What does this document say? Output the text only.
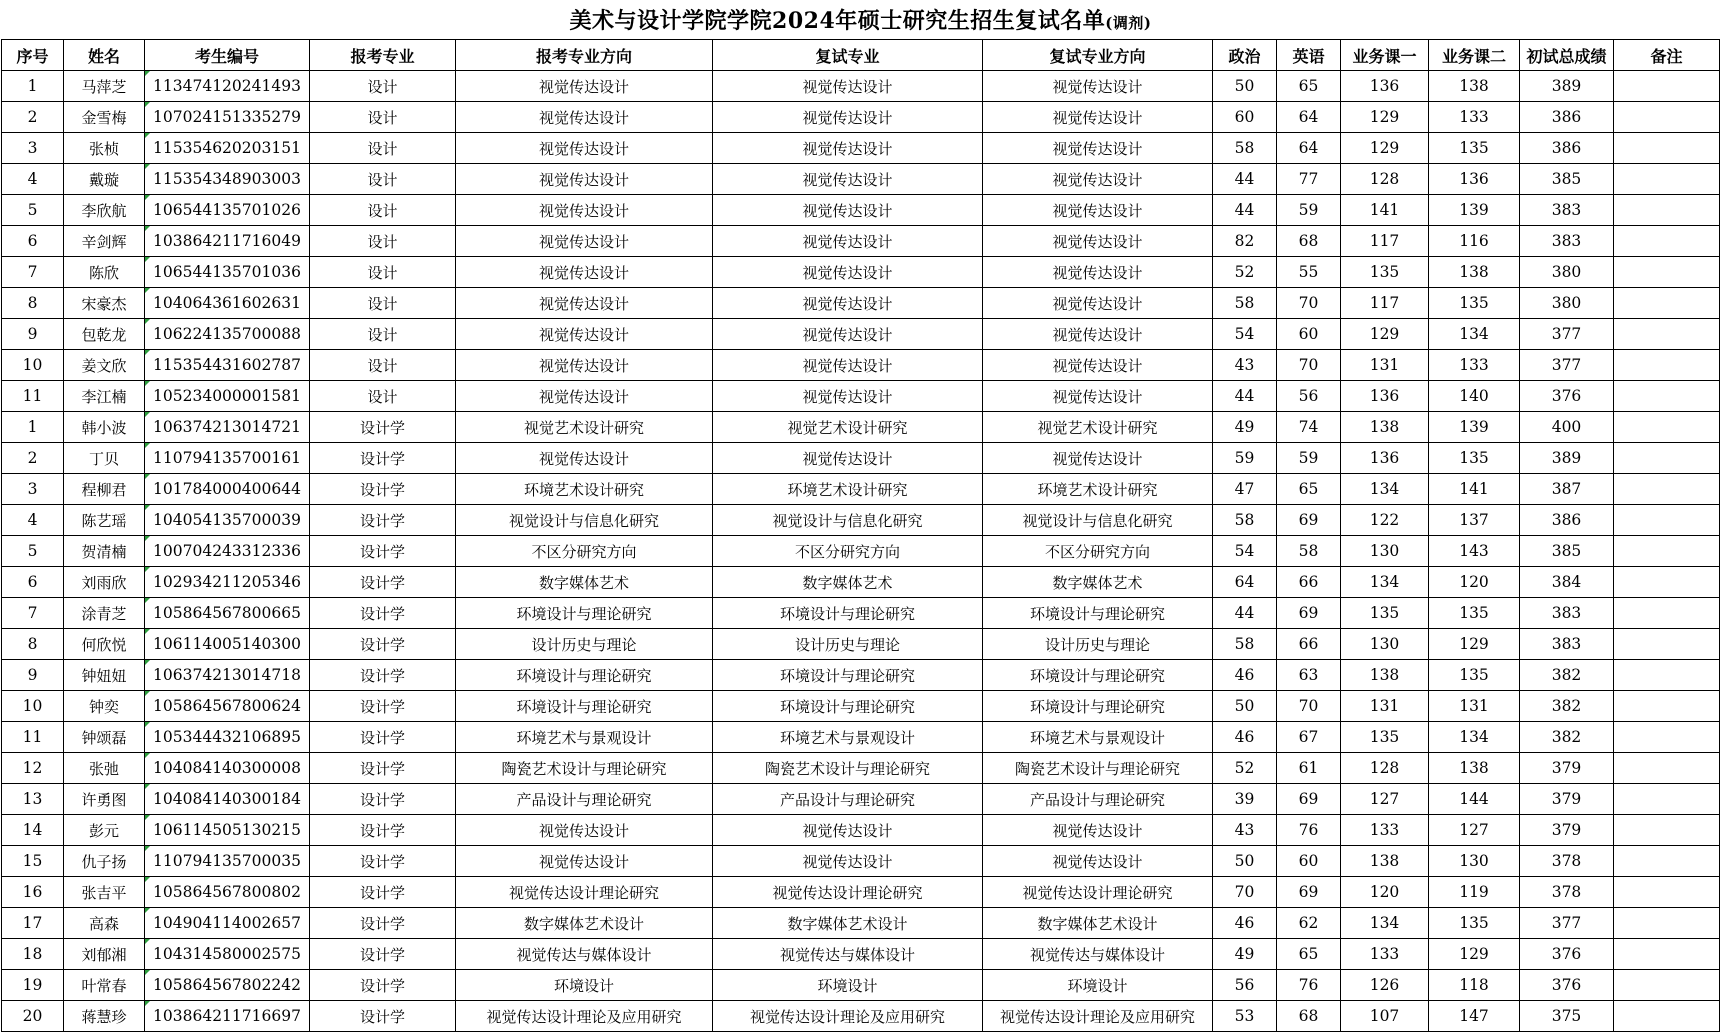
美术与设计学院学院2024年硕士研究生招生复试名单(调剂)
序号	姓名	考生编号	报考专业	报考专业方向	复试专业	复试专业方向	政治	英语	业务课一	业务课二	初试总成绩	备注
1	马萍芝	113474120241493	设计	视觉传达设计	视觉传达设计	视觉传达设计	50	65	136	138	389	
2	金雪梅	107024151335279	设计	视觉传达设计	视觉传达设计	视觉传达设计	60	64	129	133	386	
3	张桢	115354620203151	设计	视觉传达设计	视觉传达设计	视觉传达设计	58	64	129	135	386	
4	戴璇	115354348903003	设计	视觉传达设计	视觉传达设计	视觉传达设计	44	77	128	136	385	
5	李欣航	106544135701026	设计	视觉传达设计	视觉传达设计	视觉传达设计	44	59	141	139	383	
6	辛剑辉	103864211716049	设计	视觉传达设计	视觉传达设计	视觉传达设计	82	68	117	116	383	
7	陈欣	106544135701036	设计	视觉传达设计	视觉传达设计	视觉传达设计	52	55	135	138	380	
8	宋豪杰	104064361602631	设计	视觉传达设计	视觉传达设计	视觉传达设计	58	70	117	135	380	
9	包乾龙	106224135700088	设计	视觉传达设计	视觉传达设计	视觉传达设计	54	60	129	134	377	
10	姜文欣	115354431602787	设计	视觉传达设计	视觉传达设计	视觉传达设计	43	70	131	133	377	
11	李江楠	105234000001581	设计	视觉传达设计	视觉传达设计	视觉传达设计	44	56	136	140	376	
1	韩小波	106374213014721	设计学	视觉艺术设计研究	视觉艺术设计研究	视觉艺术设计研究	49	74	138	139	400	
2	丁贝	110794135700161	设计学	视觉传达设计	视觉传达设计	视觉传达设计	59	59	136	135	389	
3	程柳君	101784000400644	设计学	环境艺术设计研究	环境艺术设计研究	环境艺术设计研究	47	65	134	141	387	
4	陈艺瑶	104054135700039	设计学	视觉设计与信息化研究	视觉设计与信息化研究	视觉设计与信息化研究	58	69	122	137	386	
5	贺清楠	100704243312336	设计学	不区分研究方向	不区分研究方向	不区分研究方向	54	58	130	143	385	
6	刘雨欣	102934211205346	设计学	数字媒体艺术	数字媒体艺术	数字媒体艺术	64	66	134	120	384	
7	涂青芝	105864567800665	设计学	环境设计与理论研究	环境设计与理论研究	环境设计与理论研究	44	69	135	135	383	
8	何欣悦	106114005140300	设计学	设计历史与理论	设计历史与理论	设计历史与理论	58	66	130	129	383	
9	钟妞妞	106374213014718	设计学	环境设计与理论研究	环境设计与理论研究	环境设计与理论研究	46	63	138	135	382	
10	钟奕	105864567800624	设计学	环境设计与理论研究	环境设计与理论研究	环境设计与理论研究	50	70	131	131	382	
11	钟颂磊	105344432106895	设计学	环境艺术与景观设计	环境艺术与景观设计	环境艺术与景观设计	46	67	135	134	382	
12	张弛	104084140300008	设计学	陶瓷艺术设计与理论研究	陶瓷艺术设计与理论研究	陶瓷艺术设计与理论研究	52	61	128	138	379	
13	许勇图	104084140300184	设计学	产品设计与理论研究	产品设计与理论研究	产品设计与理论研究	39	69	127	144	379	
14	彭元	106114505130215	设计学	视觉传达设计	视觉传达设计	视觉传达设计	43	76	133	127	379	
15	仇子扬	110794135700035	设计学	视觉传达设计	视觉传达设计	视觉传达设计	50	60	138	130	378	
16	张吉平	105864567800802	设计学	视觉传达设计理论研究	视觉传达设计理论研究	视觉传达设计理论研究	70	69	120	119	378	
17	高森	104904114002657	设计学	数字媒体艺术设计	数字媒体艺术设计	数字媒体艺术设计	46	62	134	135	377	
18	刘郁湘	104314580002575	设计学	视觉传达与媒体设计	视觉传达与媒体设计	视觉传达与媒体设计	49	65	133	129	376	
19	叶常春	105864567802242	设计学	环境设计	环境设计	环境设计	56	76	126	118	376	
20	蒋慧珍	103864211716697	设计学	视觉传达设计理论及应用研究	视觉传达设计理论及应用研究	视觉传达设计理论及应用研究	53	68	107	147	375	
